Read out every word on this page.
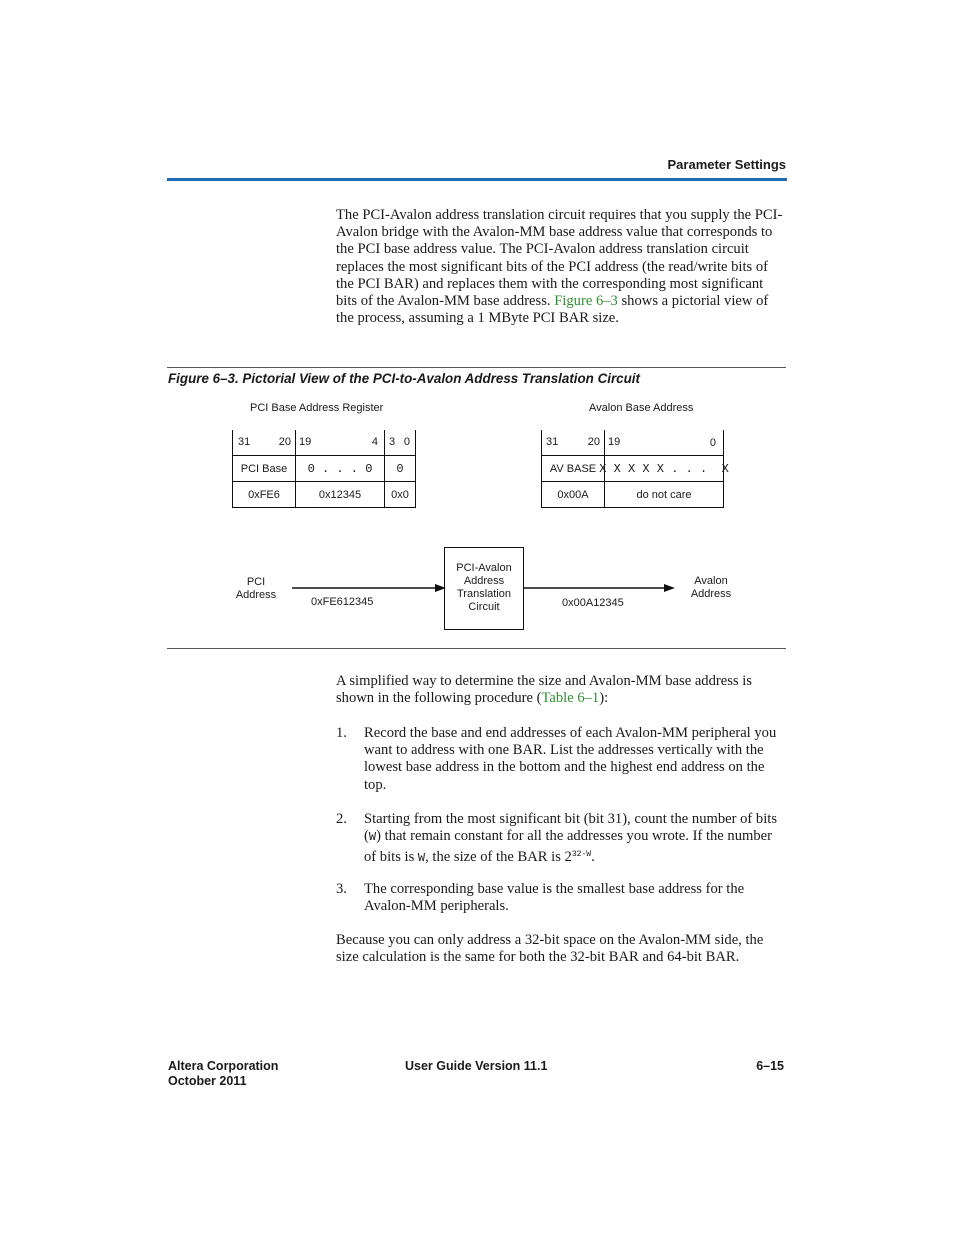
Parameter Settings
The PCI-Avalon address translation circuit requires that you supply the PCI-Avalon bridge with the Avalon-MM base address value that corresponds to the PCI base address value. The PCI-Avalon address translation circuit replaces the most significant bits of the PCI address (the read/write bits of the PCI BAR) and replaces them with the corresponding most significant bits of the Avalon-MM base address. Figure 6–3 shows a pictorial view of the process, assuming a 1 MByte PCI BAR size.
Figure 6–3. Pictorial View of the PCI-to-Avalon Address Translation Circuit
PCI Base Address Register
31	20 19	4 3 0
PCI Base	0 . . . 0	0
0xFE6	0x12345	0x0
Avalon Base Address
31	20 19	0
AV BASE X X X X X . . .  X
0x00A	do not care
PCI
Address
0xFE612345
PCI-Avalon
Address
Translation
Circuit	0x00A12345
Avalon
Address
A simplified way to determine the size and Avalon-MM base address is shown in the following procedure (Table 6–1):
1. Record the base and end addresses of each Avalon-MM peripheral you want to address with one BAR. List the addresses vertically with the lowest base address in the bottom and the highest end address on the top.
2. Starting from the most significant bit (bit 31), count the number of bits (W) that remain constant for all the addresses you wrote. If the number of bits is W, the size of the BAR is $2^{32-W}$.
3. The corresponding base value is the smallest base address for the Avalon-MM peripherals.
Because you can only address a 32-bit space on the Avalon-MM side, the size calculation is the same for both the 32-bit BAR and 64-bit BAR.
Altera Corporation
October 2011
User Guide Version 11.1	6–15
